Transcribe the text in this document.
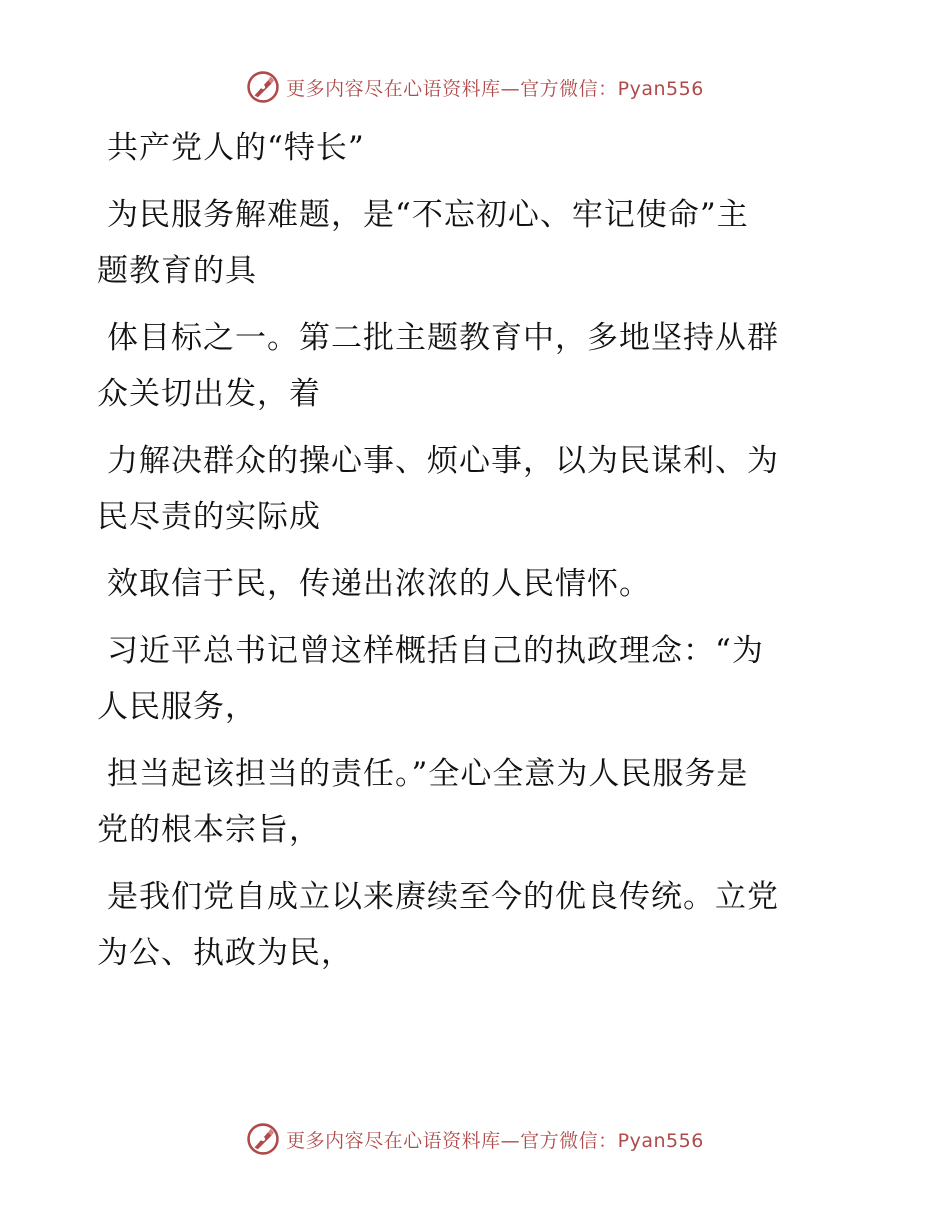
更多内容尽在心语资料库—官方微信：Pyan556
共产党人的“特长”
为民服务解难题，是“不忘初心、牢记使命”主
题教育的具
体目标之一。第二批主题教育中，多地坚持从群
众关切出发，着
力解决群众的操心事、烦心事，以为民谋利、为
民尽责的实际成
效取信于民，传递出浓浓的人民情怀。
习近平总书记曾这样概括自己的执政理念：“为
人民服务，
担当起该担当的责任。”全心全意为人民服务是
党的根本宗旨，
是我们党自成立以来赓续至今的优良传统。立党
为公、执政为民，
更多内容尽在心语资料库—官方微信：Pyan556
